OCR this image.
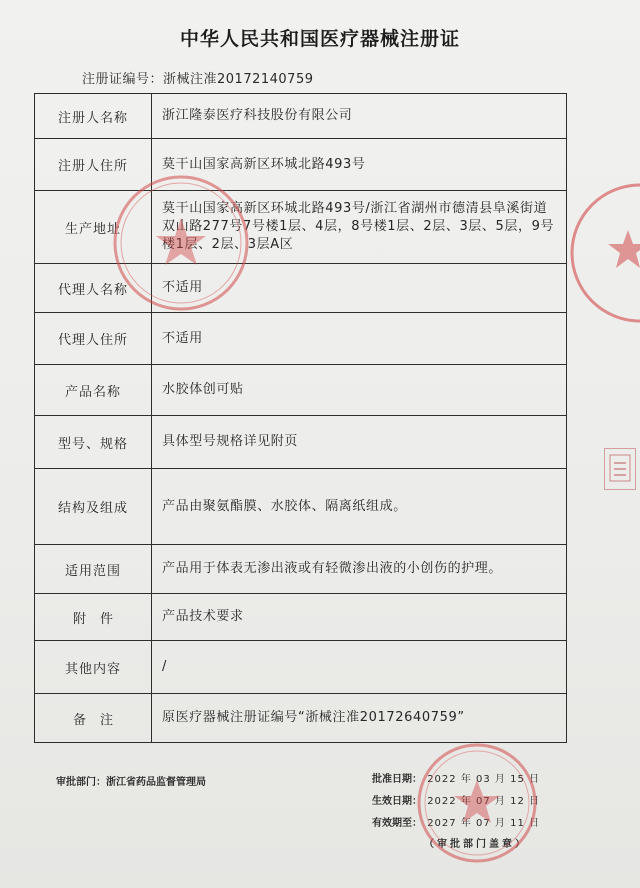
中华人民共和国医疗器械注册证
注册证编号：浙械注准20172140759
注册人名称	浙江隆泰医疗科技股份有限公司
注册人住所	莫干山国家高新区环城北路493号
生产地址	莫干山国家高新区环城北路493号/浙江省湖州市德清县阜溪街道双山路277号7号楼1层、4层，8号楼1层、2层、3层、5层，9号楼1层、2层、3层A区
代理人名称	不适用
代理人住所	不适用
产品名称	水胶体创可贴
型号、规格	具体型号规格详见附页
结构及组成	产品由聚氨酯膜、水胶体、隔离纸组成。
适用范围	产品用于体表无渗出液或有轻微渗出液的小创伤的护理。
附件	产品技术要求
其他内容	/
备注	原医疗器械注册证编号“浙械注准20172640759”
审批部门：浙江省药品监督管理局	批准日期： 2022 年 03 月 15 日
生效日期： 2022 年 07 月 12 日
有效期至： 2027 年 07 月 11 日
（审批部门盖章）
